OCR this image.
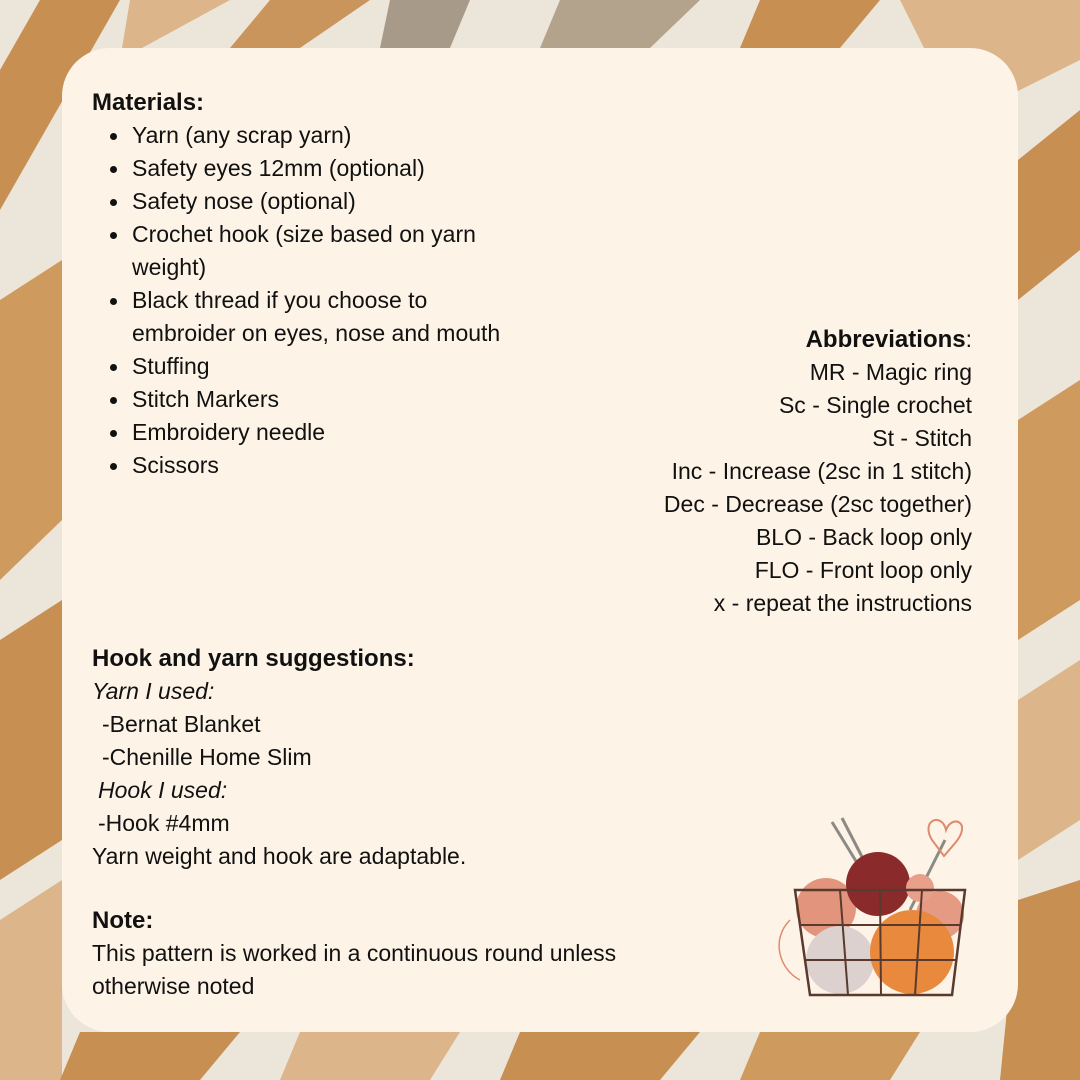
Materials:
Yarn (any scrap yarn)
Safety eyes 12mm (optional)
Safety nose (optional)
Crochet hook (size based on yarn weight)
Black thread if you choose to embroider on eyes, nose and mouth
Stuffing
Stitch Markers
Embroidery needle
Scissors
Abbreviations:
MR - Magic ring
Sc - Single crochet
St - Stitch
Inc - Increase (2sc in 1 stitch)
Dec - Decrease (2sc together)
BLO - Back loop only
FLO - Front loop only
x - repeat the instructions
Hook and yarn suggestions:
Yarn I used:
-Bernat Blanket
-Chenille Home Slim
Hook I used:
-Hook #4mm
Yarn weight and hook are adaptable.
Note:
This pattern is worked in a continuous round unless otherwise noted
